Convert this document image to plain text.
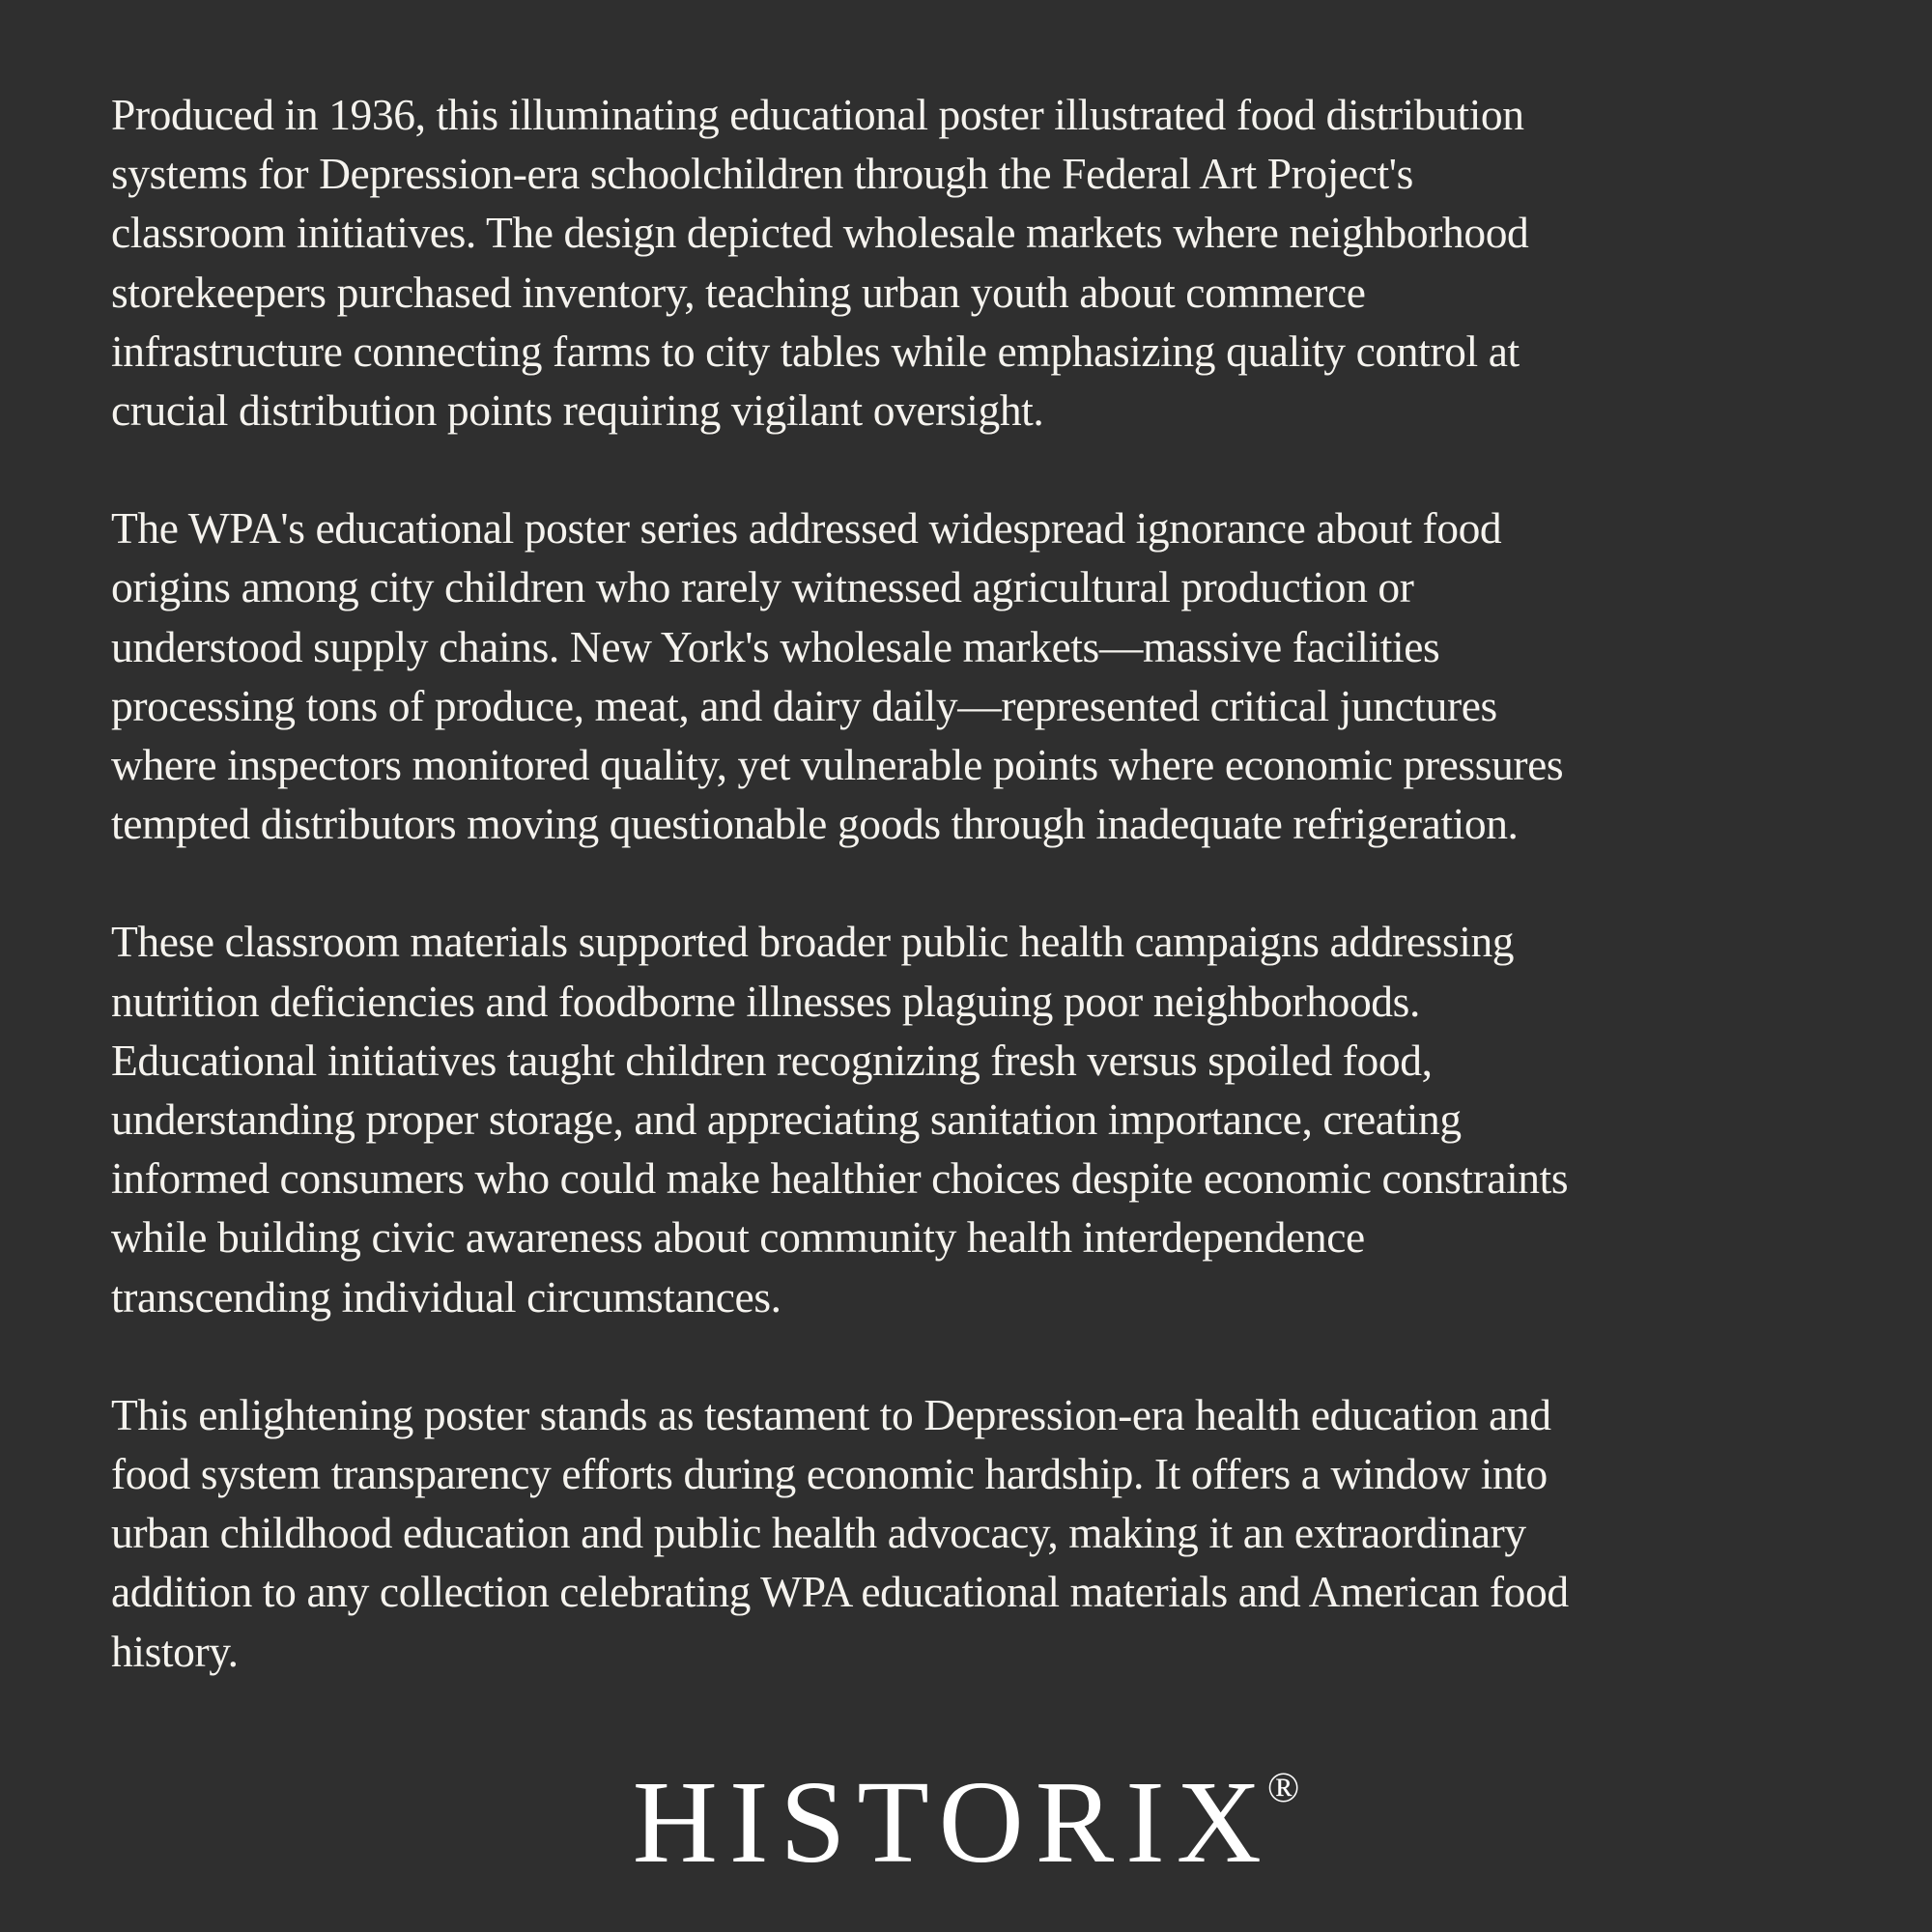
Produced in 1936, this illuminating educational poster illustrated food distribution
systems for Depression-era schoolchildren through the Federal Art Project's
classroom initiatives. The design depicted wholesale markets where neighborhood
storekeepers purchased inventory, teaching urban youth about commerce
infrastructure connecting farms to city tables while emphasizing quality control at
crucial distribution points requiring vigilant oversight.

The WPA's educational poster series addressed widespread ignorance about food
origins among city children who rarely witnessed agricultural production or
understood supply chains. New York's wholesale markets—massive facilities
processing tons of produce, meat, and dairy daily—represented critical junctures
where inspectors monitored quality, yet vulnerable points where economic pressures
tempted distributors moving questionable goods through inadequate refrigeration.

These classroom materials supported broader public health campaigns addressing
nutrition deficiencies and foodborne illnesses plaguing poor neighborhoods.
Educational initiatives taught children recognizing fresh versus spoiled food,
understanding proper storage, and appreciating sanitation importance, creating
informed consumers who could make healthier choices despite economic constraints
while building civic awareness about community health interdependence
transcending individual circumstances.

This enlightening poster stands as testament to Depression-era health education and
food system transparency efforts during economic hardship. It offers a window into
urban childhood education and public health advocacy, making it an extraordinary
addition to any collection celebrating WPA educational materials and American food
history.

HISTORIX®
